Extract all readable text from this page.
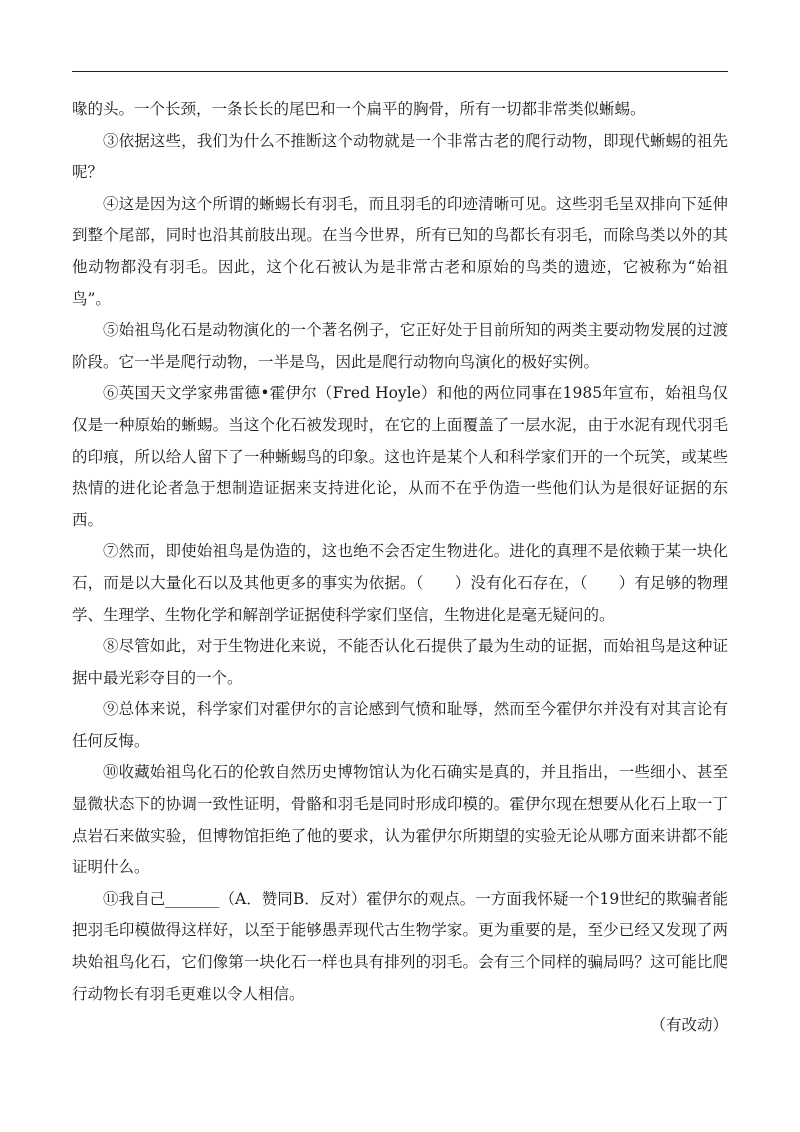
喙的头。一个长颈，一条长长的尾巴和一个扁平的胸骨，所有一切都非常类似蜥蜴。

③依据这些，我们为什么不推断这个动物就是一个非常古老的爬行动物，即现代蜥蜴的祖先呢？

④这是因为这个所谓的蜥蜴长有羽毛，而且羽毛的印迹清晰可见。这些羽毛呈双排向下延伸到整个尾部，同时也沿其前肢出现。在当今世界，所有已知的鸟都长有羽毛，而除鸟类以外的其他动物都没有羽毛。因此，这个化石被认为是非常古老和原始的鸟类的遗迹，它被称为“始祖鸟”。

⑤始祖鸟化石是动物演化的一个著名例子，它正好处于目前所知的两类主要动物发展的过渡阶段。它一半是爬行动物，一半是鸟，因此是爬行动物向鸟演化的极好实例。

⑥英国天文学家弗雷德•霍伊尔（Fred Hoyle）和他的两位同事在1985年宣布，始祖鸟仅仅是一种原始的蜥蜴。当这个化石被发现时，在它的上面覆盖了一层水泥，由于水泥有现代羽毛的印痕，所以给人留下了一种蜥蜴鸟的印象。这也许是某个人和科学家们开的一个玩笑，或某些热情的进化论者急于想制造证据来支持进化论，从而不在乎伪造一些他们认为是很好证据的东西。

⑦然而，即使始祖鸟是伪造的，这也绝不会否定生物进化。进化的真理不是依赖于某一块化石，而是以大量化石以及其他更多的事实为依据。（　　）没有化石存在，（　　）有足够的物理学、生理学、生物化学和解剖学证据使科学家们坚信，生物进化是毫无疑问的。

⑧尽管如此，对于生物进化来说，不能否认化石提供了最为生动的证据，而始祖鸟是这种证据中最光彩夺目的一个。

⑨总体来说，科学家们对霍伊尔的言论感到气愤和耻辱，然而至今霍伊尔并没有对其言论有任何反悔。

⑩收藏始祖鸟化石的伦敦自然历史博物馆认为化石确实是真的，并且指出，一些细小、甚至显微状态下的协调一致性证明，骨骼和羽毛是同时形成印模的。霍伊尔现在想要从化石上取一丁点岩石来做实验，但博物馆拒绝了他的要求，认为霍伊尔所期望的实验无论从哪方面来讲都不能证明什么。

⑪我自己_______（A．赞同B．反对）霍伊尔的观点。一方面我怀疑一个19世纪的欺骗者能把羽毛印模做得这样好，以至于能够愚弄现代古生物学家。更为重要的是，至少已经又发现了两块始祖鸟化石，它们像第一块化石一样也具有排列的羽毛。会有三个同样的骗局吗？这可能比爬行动物长有羽毛更难以令人相信。

（有改动）
